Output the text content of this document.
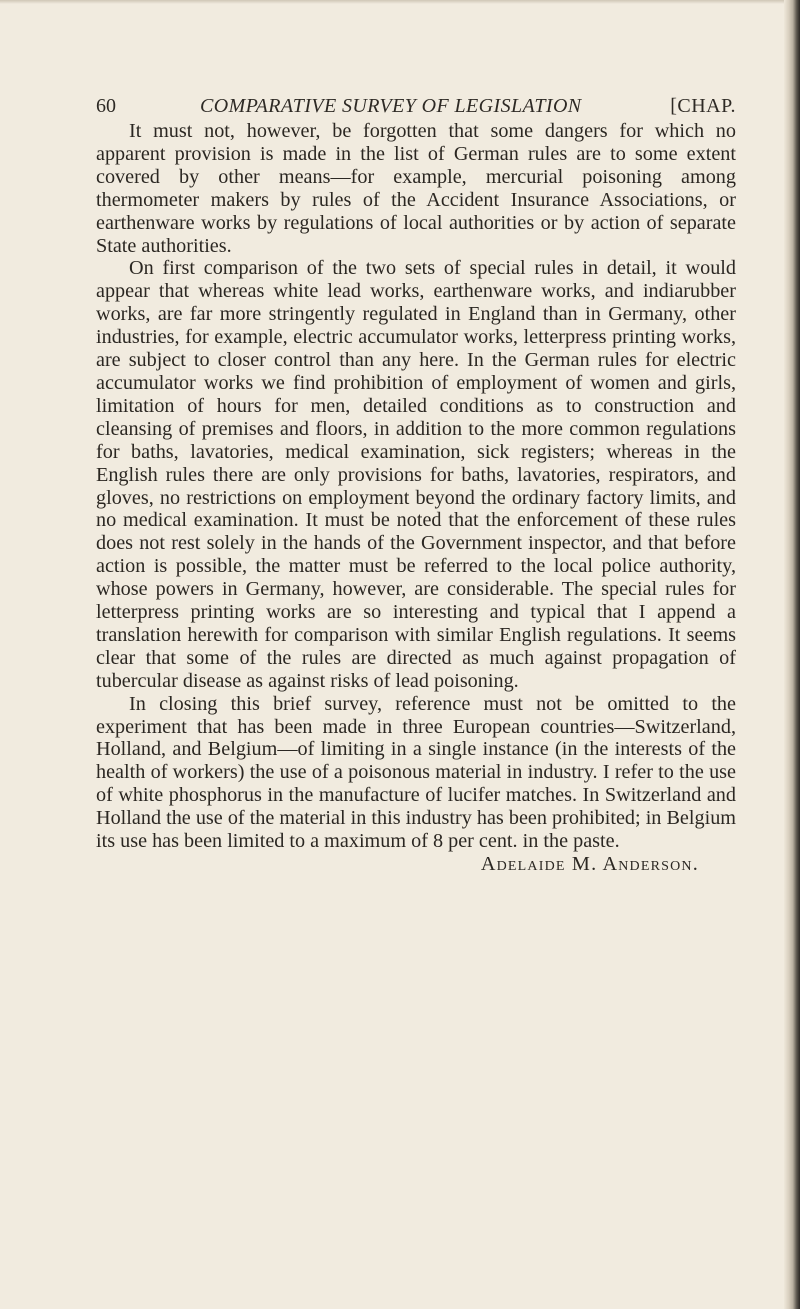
60	COMPARATIVE SURVEY OF LEGISLATION	[CHAP.

It must not, however, be forgotten that some dangers for which no apparent provision is made in the list of German rules are to some extent covered by other means—for example, mercurial poisoning among thermometer makers by rules of the Accident Insurance Associations, or earthenware works by regulations of local authorities or by action of separate State authorities.

On first comparison of the two sets of special rules in detail, it would appear that whereas white lead works, earthenware works, and indiarubber works, are far more stringently regulated in England than in Germany, other industries, for example, electric accumulator works, letterpress printing works, are subject to closer control than any here. In the German rules for electric accumulator works we find prohibition of employment of women and girls, limitation of hours for men, detailed conditions as to construction and cleansing of premises and floors, in addition to the more common regulations for baths, lavatories, medical examination, sick registers; whereas in the English rules there are only provisions for baths, lavatories, respirators, and gloves, no restrictions on employment beyond the ordinary factory limits, and no medical examination. It must be noted that the enforcement of these rules does not rest solely in the hands of the Government inspector, and that before action is possible, the matter must be referred to the local police authority, whose powers in Germany, however, are considerable. The special rules for letterpress printing works are so interesting and typical that I append a translation herewith for comparison with similar English regulations. It seems clear that some of the rules are directed as much against propagation of tubercular disease as against risks of lead poisoning.

In closing this brief survey, reference must not be omitted to the experiment that has been made in three European countries—Switzerland, Holland, and Belgium—of limiting in a single instance (in the interests of the health of workers) the use of a poisonous material in industry. I refer to the use of white phosphorus in the manufacture of lucifer matches. In Switzerland and Holland the use of the material in this industry has been prohibited; in Belgium its use has been limited to a maximum of 8 per cent. in the paste.

Adelaide M. Anderson.
